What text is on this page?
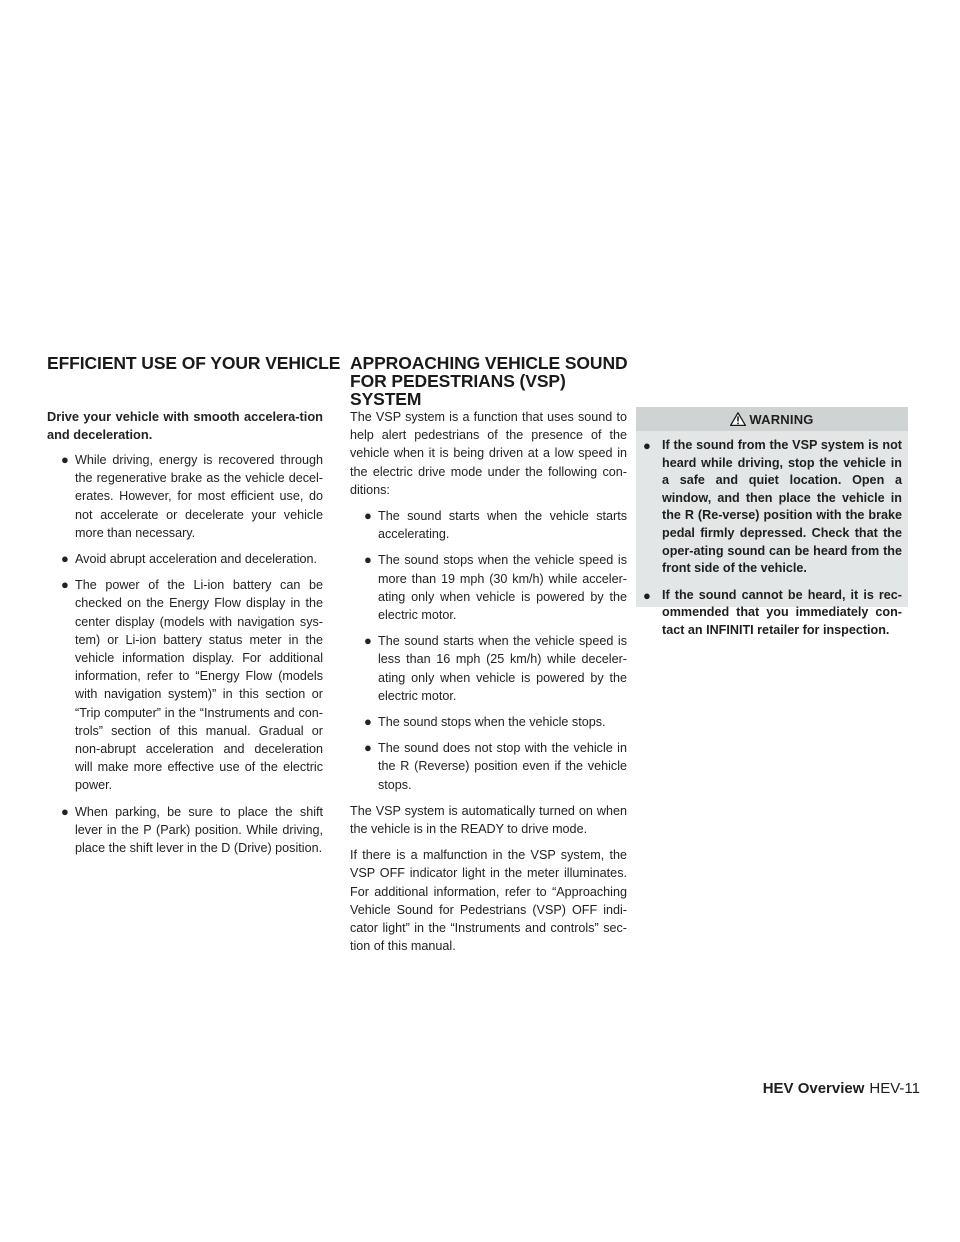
EFFICIENT USE OF YOUR VEHICLE APPROACHING VEHICLE SOUND
FOR PEDESTRIANS (VSP) SYSTEM

Drive your vehicle with smooth accelera-tion and deceleration.

● While driving, energy is recovered through the regenerative brake as the vehicle decel-erates. However, for most efficient use, do not accelerate or decelerate your vehicle more than necessary.
● Avoid abrupt acceleration and deceleration.
● The power of the Li-ion battery can be checked on the Energy Flow display in the center display (models with navigation sys-tem) or Li-ion battery status meter in the vehicle information display. For additional information, refer to “Energy Flow (models with navigation system)” in this section or “Trip computer” in the “Instruments and con-trols” section of this manual. Gradual or non-abrupt acceleration and deceleration will make more effective use of the electric power.
● When parking, be sure to place the shift lever in the P (Park) position. While driving, place the shift lever in the D (Drive) position.

The VSP system is a function that uses sound to help alert pedestrians of the presence of the vehicle when it is being driven at a low speed in the electric drive mode under the following con-ditions:

● The sound starts when the vehicle starts accelerating.
● The sound stops when the vehicle speed is more than 19 mph (30 km/h) while acceler-ating only when vehicle is powered by the electric motor.
● The sound starts when the vehicle speed is less than 16 mph (25 km/h) while deceler-ating only when vehicle is powered by the electric motor.
● The sound stops when the vehicle stops.
● The sound does not stop with the vehicle in the R (Reverse) position even if the vehicle stops.

The VSP system is automatically turned on when the vehicle is in the READY to drive mode.

If there is a malfunction in the VSP system, the VSP OFF indicator light in the meter illuminates. For additional information, refer to “Approaching Vehicle Sound for Pedestrians (VSP) OFF indi-cator light” in the “Instruments and controls” sec-tion of this manual.

WARNING
● If the sound from the VSP system is not heard while driving, stop the vehicle in a safe and quiet location. Open a window, and then place the vehicle in the R (Re-verse) position with the brake pedal firmly depressed. Check that the oper-ating sound can be heard from the front side of the vehicle.
● If the sound cannot be heard, it is rec-ommended that you immediately con-tact an INFINITI retailer for inspection.
HEV Overview HEV-11
